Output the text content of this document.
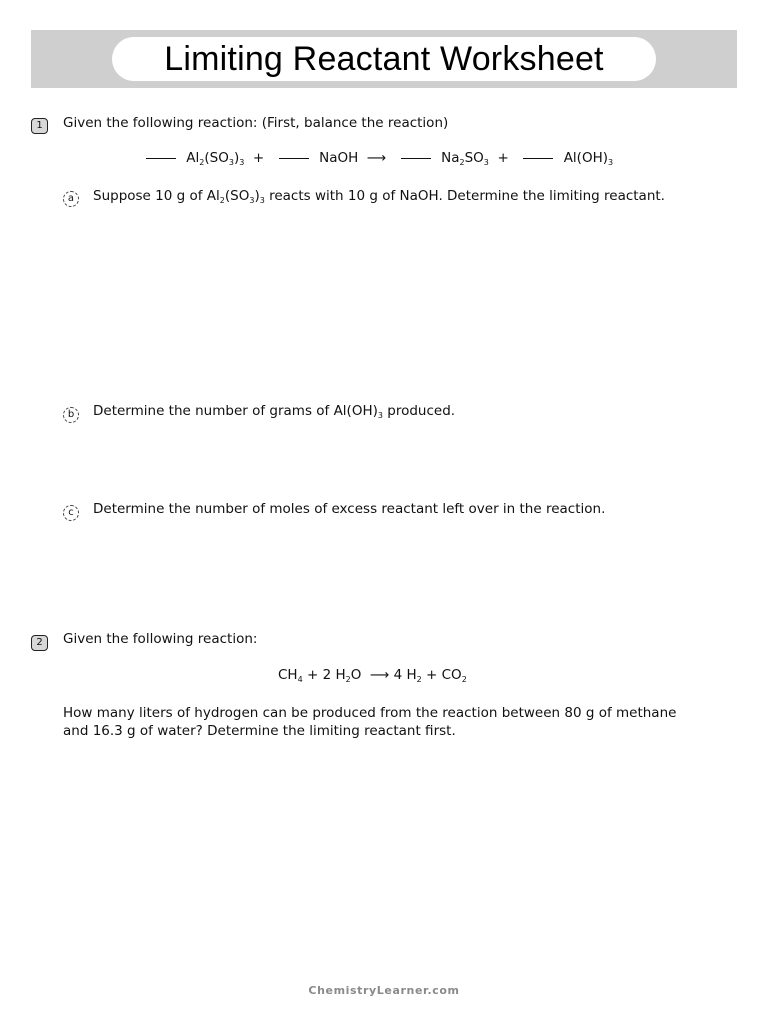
Limiting Reactant Worksheet
1	Given the following reaction: (First, balance the reaction)
$Al_2(SO_3)_3$ +	NaOH ⟶	$Na_2SO_3$ +	$Al(OH)_3$
a	Suppose 10 g of $Al_2(SO_3)_3$ reacts with 10 g of NaOH. Determine the limiting reactant.
b	Determine the number of grams of $Al(OH)_3$ produced.
c	Determine the number of moles of excess reactant left over in the reaction.
2	Given the following reaction:
$CH_4 + 2$ $H_2O$ ⟶ 4 $H_2 + CO_2$
How many liters of hydrogen can be produced from the reaction between 80 g of methane
and 16.3 g of water? Determine the limiting reactant first.
ChemistryLearner.com
